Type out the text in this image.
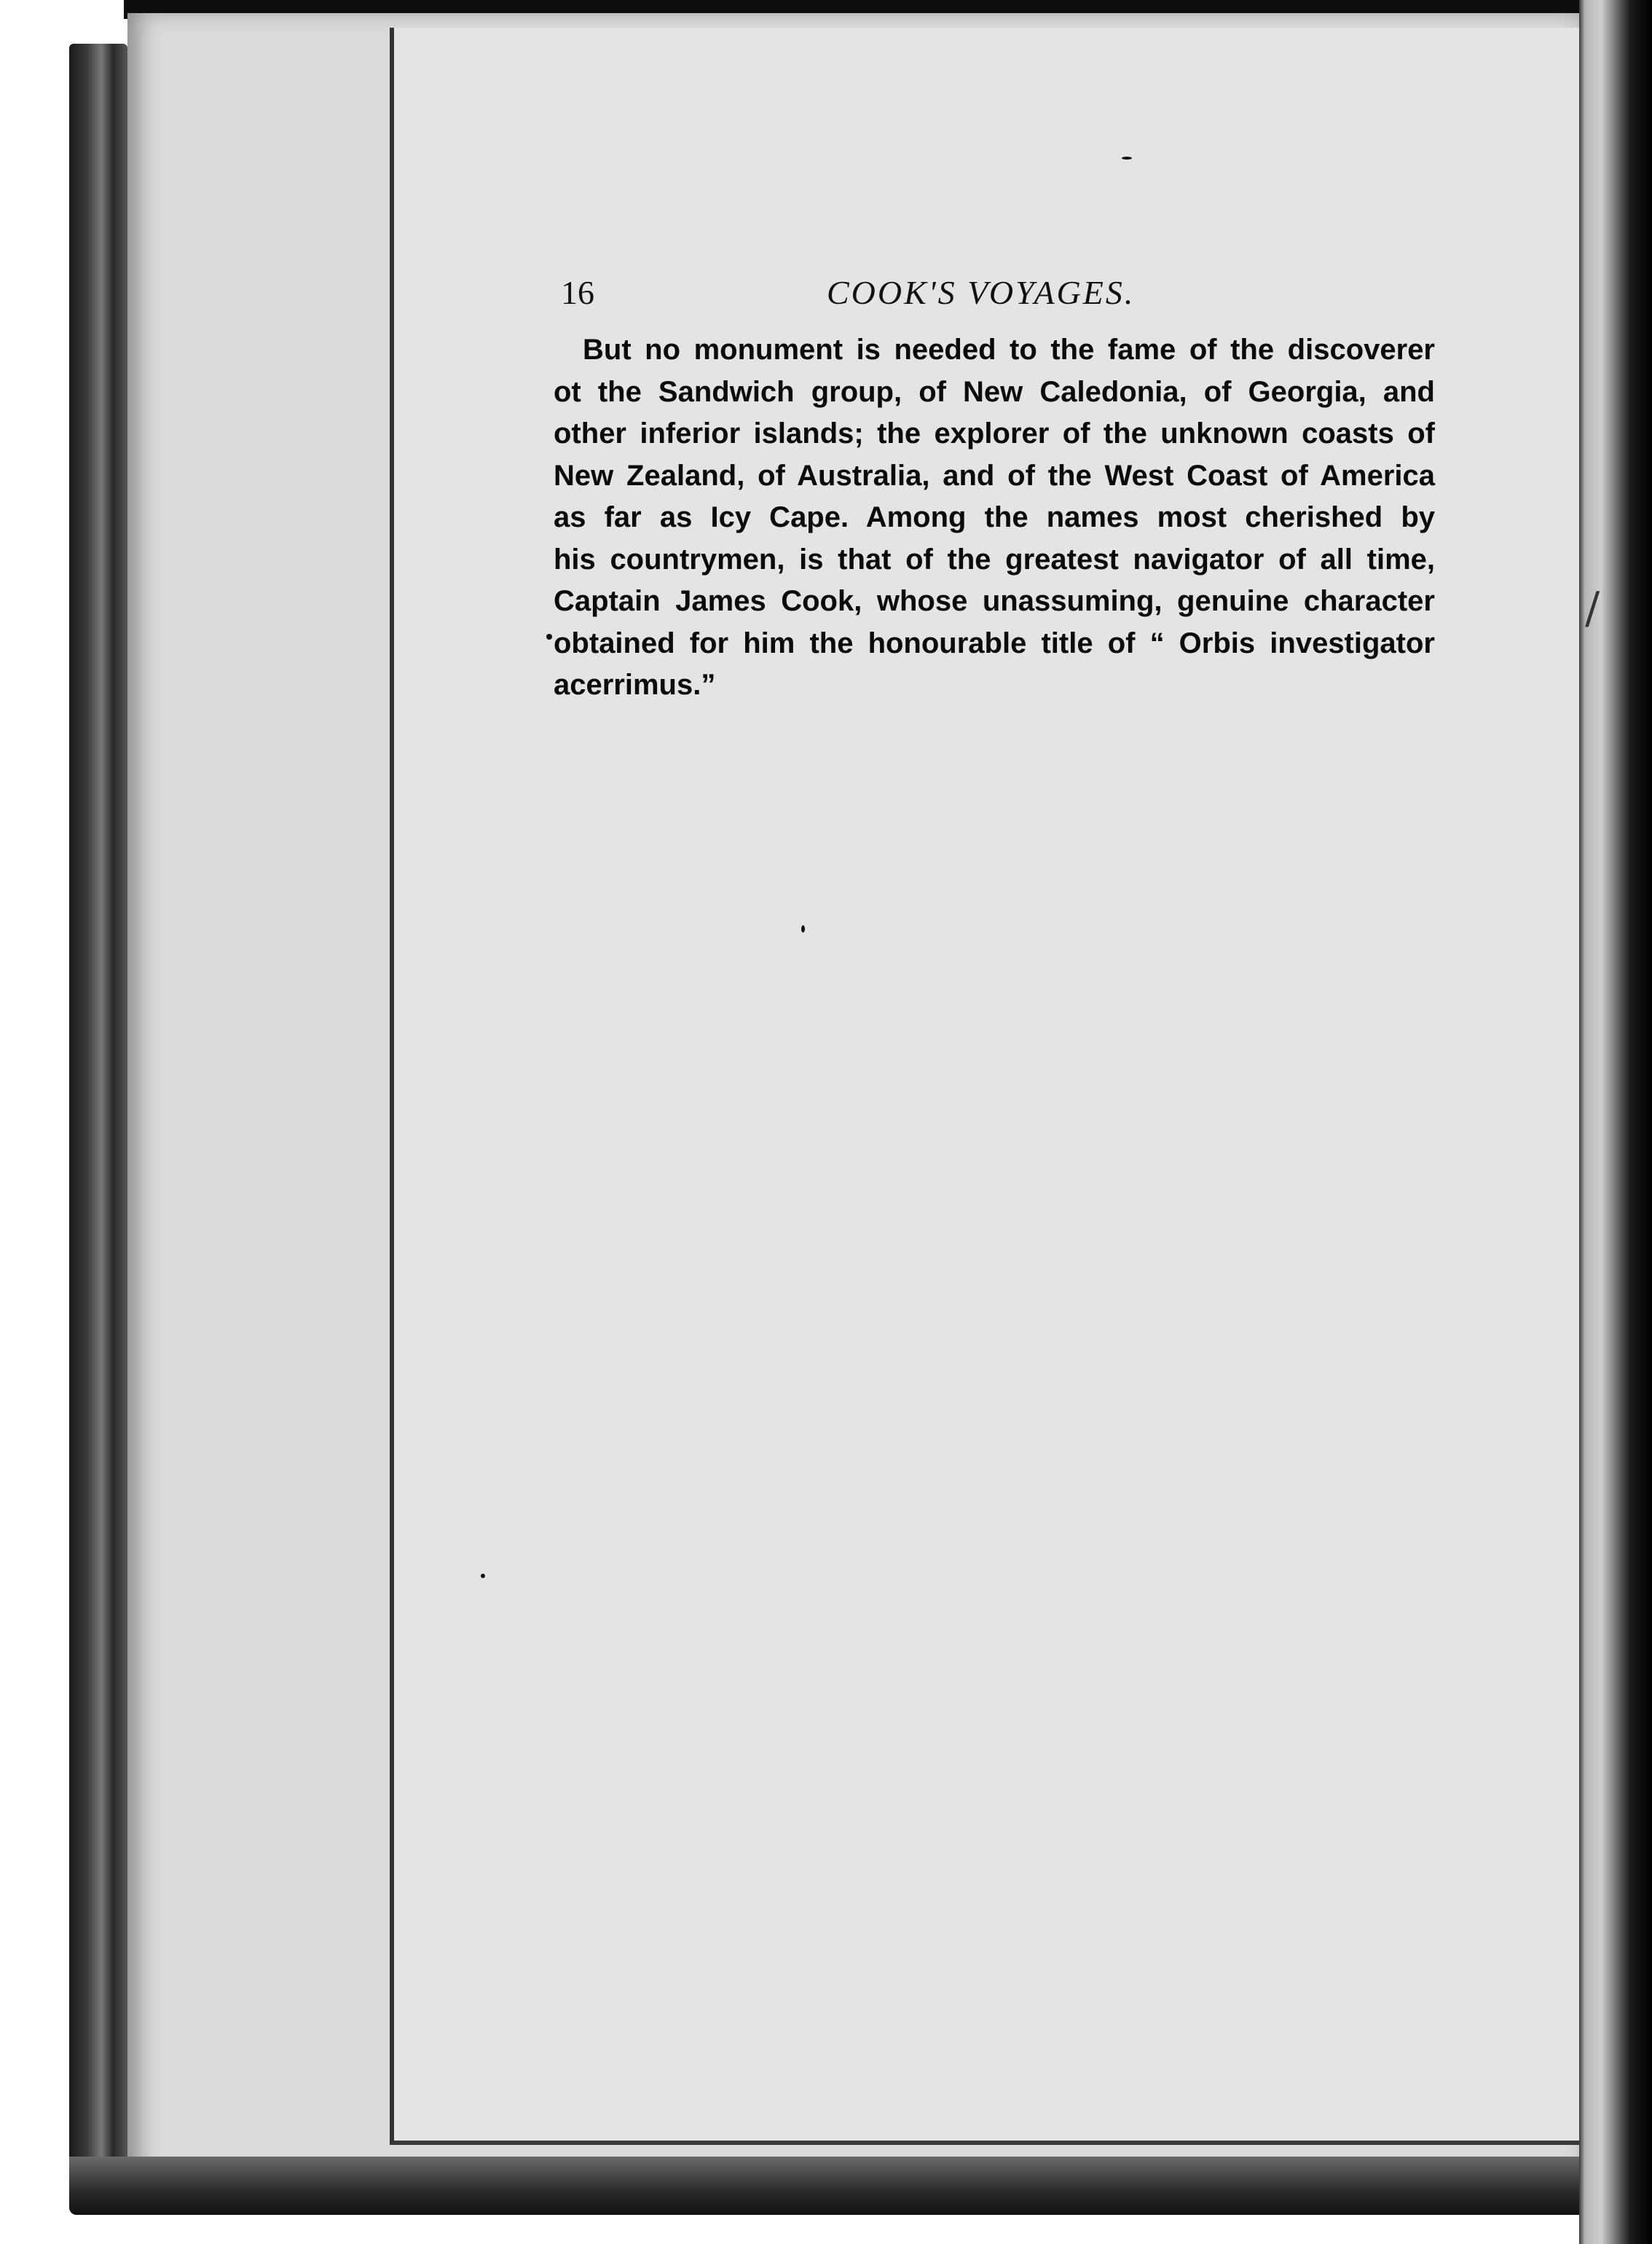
/

16	COOK'S VOYAGES.
But no monument is needed to the fame of the discoverer
ot the Sandwich group, of New Caledonia, of Georgia, and
other inferior islands; the explorer of the unknown coasts of
New Zealand, of Australia, and of the West Coast of America
as far as Icy Cape. Among the names most cherished by
his countrymen, is that of the greatest navigator of all time,
Captain James Cook, whose unassuming, genuine character
obtained for him the honourable title of “ Orbis investigator
acerrimus.”
